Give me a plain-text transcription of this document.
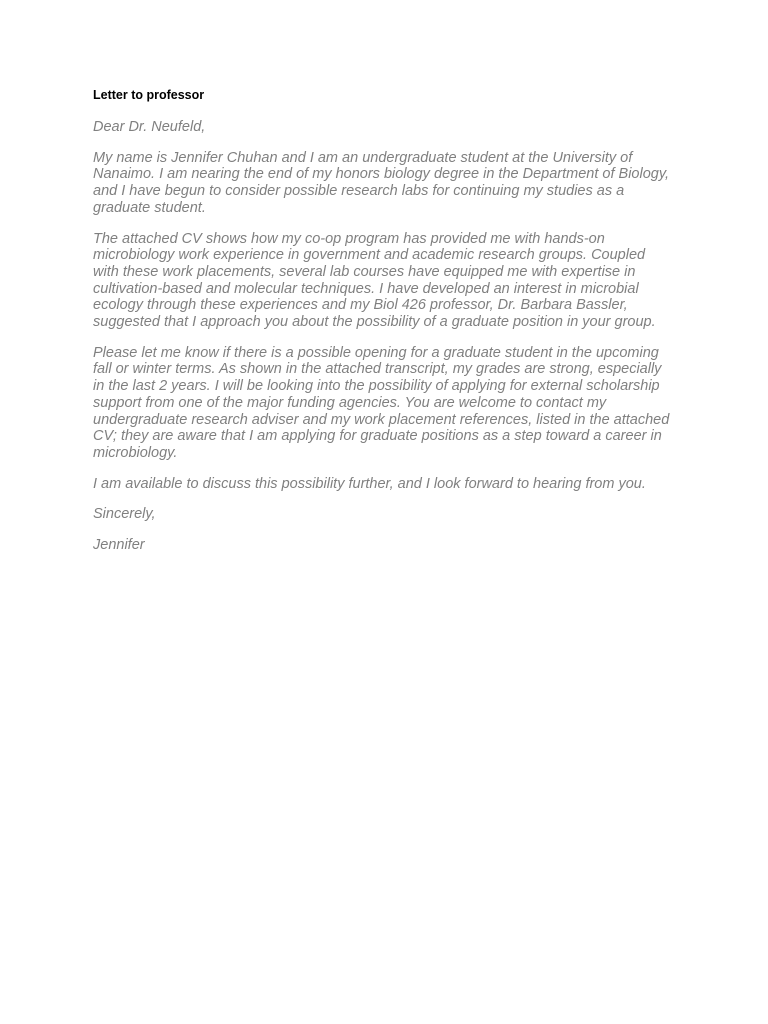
Letter to professor

Dear Dr. Neufeld,

My name is Jennifer Chuhan and I am an undergraduate student at the University of Nanaimo. I am nearing the end of my honors biology degree in the Department of Biology, and I have begun to consider possible research labs for continuing my studies as a graduate student.

The attached CV shows how my co-op program has provided me with hands-on microbiology work experience in government and academic research groups. Coupled with these work placements, several lab courses have equipped me with expertise in cultivation-based and molecular techniques. I have developed an interest in microbial ecology through these experiences and my Biol 426 professor, Dr. Barbara Bassler, suggested that I approach you about the possibility of a graduate position in your group.

Please let me know if there is a possible opening for a graduate student in the upcoming fall or winter terms. As shown in the attached transcript, my grades are strong, especially in the last 2 years. I will be looking into the possibility of applying for external scholarship support from one of the major funding agencies. You are welcome to contact my undergraduate research adviser and my work placement references, listed in the attached CV; they are aware that I am applying for graduate positions as a step toward a career in microbiology.

I am available to discuss this possibility further, and I look forward to hearing from you.

Sincerely,

Jennifer
